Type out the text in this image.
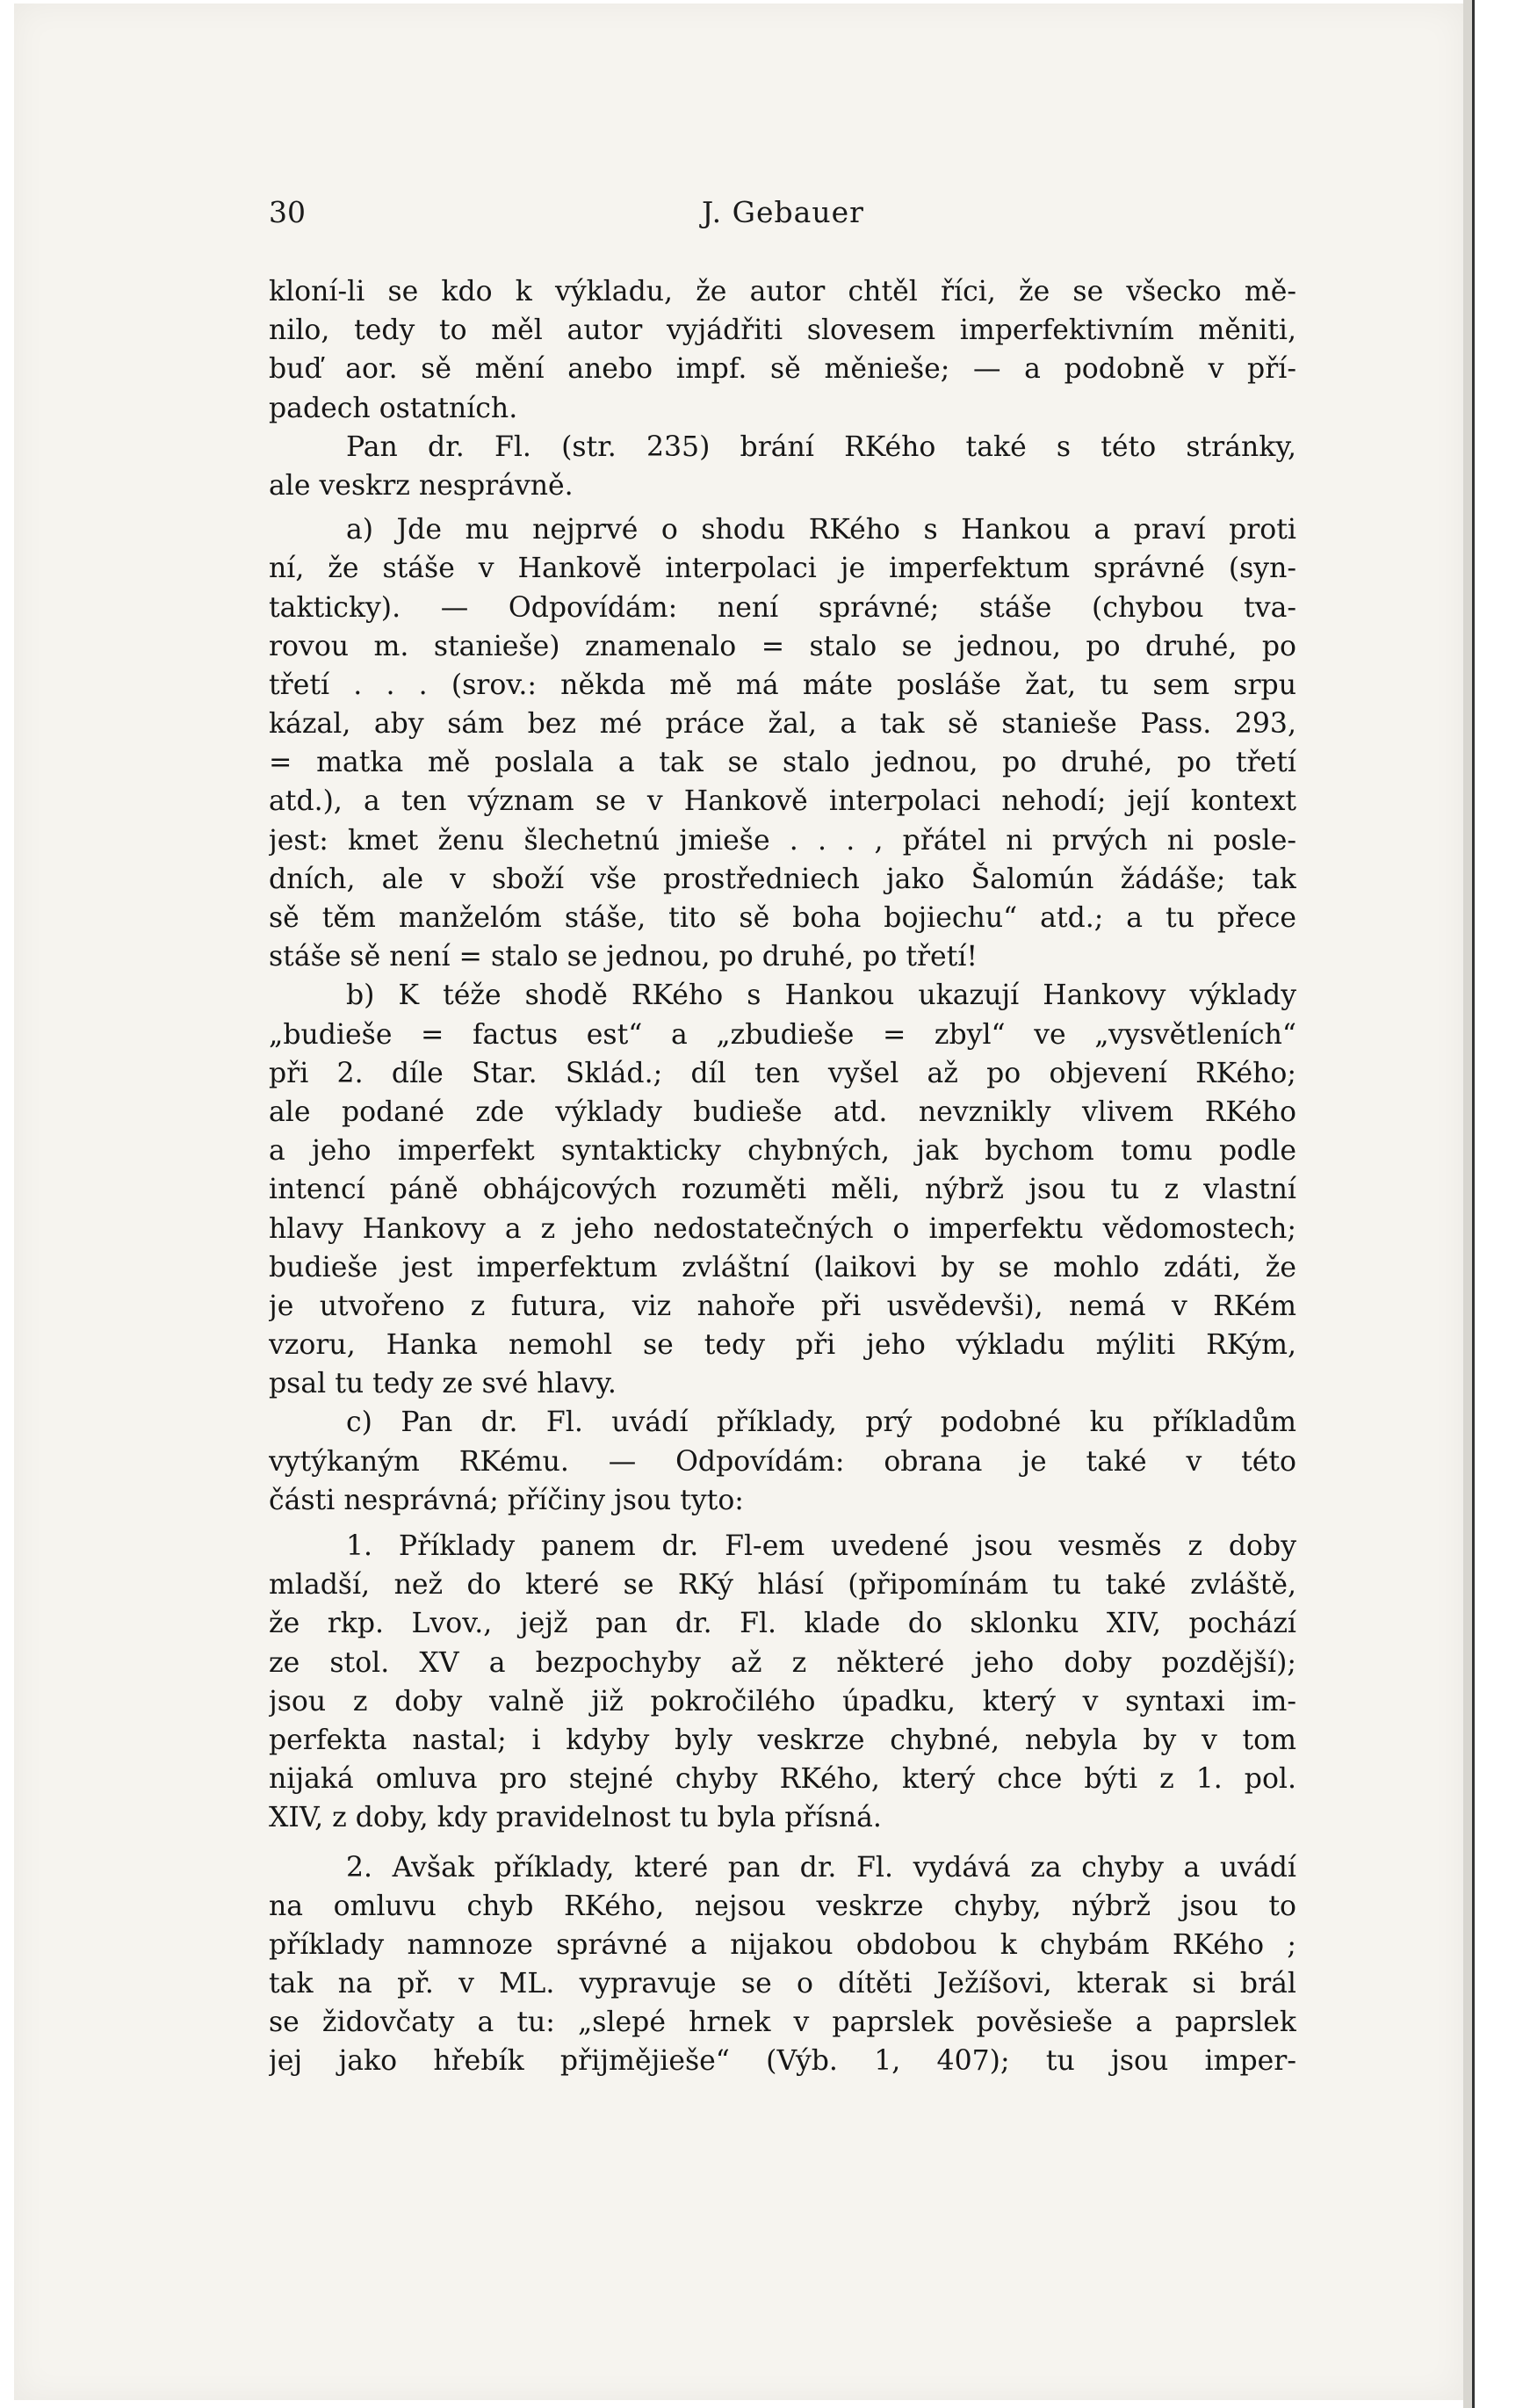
30	J. Gebauer
kloní-li se kdo k výkladu, že autor chtěl říci, že se všecko mě-
nilo, tedy to měl autor vyjádřiti slovesem imperfektivním měniti,
buď aor. sě mění anebo impf. sě měnieše; — a podobně v pří-
padech ostatních.
Pan dr. Fl. (str. 235) brání RKého také s této stránky,
ale veskrz nesprávně.
a) Jde mu nejprvé o shodu RKého s Hankou a praví proti
ní, že stáše v Hankově interpolaci je imperfektum správné (syn-
takticky). — Odpovídám: není správné; stáše (chybou tva-
rovou m. stanieše) znamenalo = stalo se jednou, po druhé, po
třetí . . . (srov.: někda mě má máte posláše žat, tu sem srpu
kázal, aby sám bez mé práce žal, a tak sě stanieše Pass. 293,
= matka mě poslala a tak se stalo jednou, po druhé, po třetí
atd.), a ten význam se v Hankově interpolaci nehodí; její kontext
jest: kmet ženu šlechetnú jmieše . . . , přátel ni prvých ni posle-
dních, ale v sboží vše prostředniech jako Šalomún žádáše; tak
sě těm manželóm stáše, tito sě boha bojiechu“ atd.; a tu přece
stáše sě není = stalo se jednou, po druhé, po třetí!
b) K téže shodě RKého s Hankou ukazují Hankovy výklady
„budieše = factus est“ a „zbudieše = zbyl“ ve „vysvětleních“
při 2. díle Star. Sklád.; díl ten vyšel až po objevení RKého;
ale podané zde výklady budieše atd. nevznikly vlivem RKého
a jeho imperfekt syntakticky chybných, jak bychom tomu podle
intencí páně obhájcových rozuměti měli, nýbrž jsou tu z vlastní
hlavy Hankovy a z jeho nedostatečných o imperfektu vědomostech;
budieše jest imperfektum zvláštní (laikovi by se mohlo zdáti, že
je utvořeno z futura, viz nahoře při usvědevši), nemá v RKém
vzoru, Hanka nemohl se tedy při jeho výkladu mýliti RKým,
psal tu tedy ze své hlavy.
c) Pan dr. Fl. uvádí příklady, prý podobné ku příkladům
vytýkaným RKému. — Odpovídám: obrana je také v této
části nesprávná; příčiny jsou tyto:
1. Příklady panem dr. Fl-em uvedené jsou vesměs z doby
mladší, než do které se RKý hlásí (připomínám tu také zvláště,
že rkp. Lvov., jejž pan dr. Fl. klade do sklonku XIV, pochází
ze stol. XV a bezpochyby až z některé jeho doby pozdější);
jsou z doby valně již pokročilého úpadku, který v syntaxi im-
perfekta nastal; i kdyby byly veskrze chybné, nebyla by v tom
nijaká omluva pro stejné chyby RKého, který chce býti z 1. pol.
XIV, z doby, kdy pravidelnost tu byla přísná.
2. Avšak příklady, které pan dr. Fl. vydává za chyby a uvádí
na omluvu chyb RKého, nejsou veskrze chyby, nýbrž jsou to
příklady namnoze správné a nijakou obdobou k chybám RKého ;
tak na př. v ML. vypravuje se o dítěti Ježíšovi, kterak si brál
se židovčaty a tu: „slepé hrnek v paprslek pověsieše a paprslek
jej jako hřebík přijmějieše“ (Výb. 1, 407); tu jsou imper-
